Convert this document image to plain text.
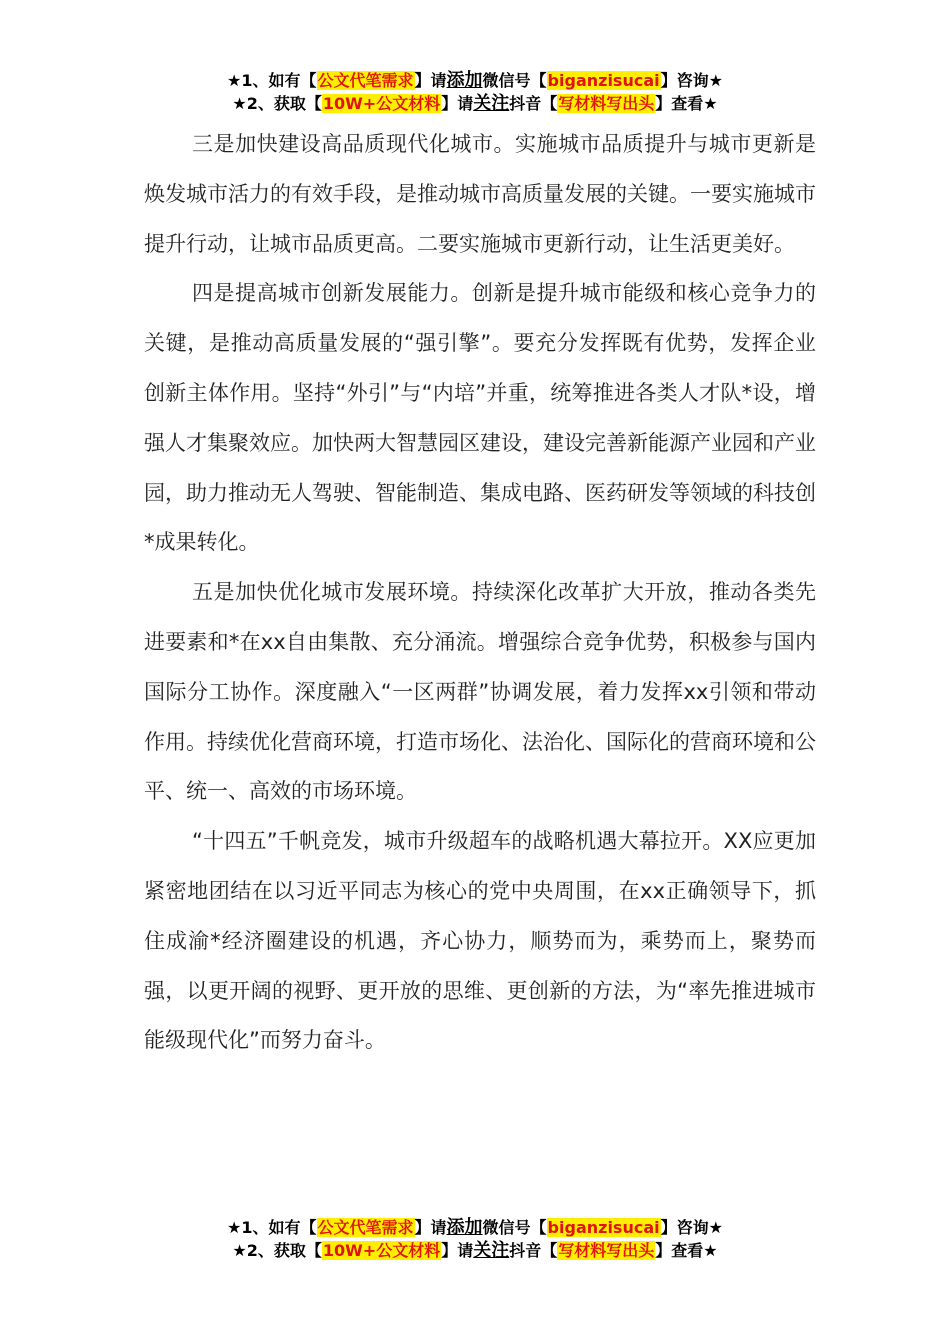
★1、如有【公文代笔需求】请添加微信号【biganzisucai】咨询★
★2、获取【10W+公文材料】请关注抖音【写材料写出头】查看★

三是加快建设高品质现代化城市。实施城市品质提升与城市更新是焕发城市活力的有效手段，是推动城市高质量发展的关键。一要实施城市提升行动，让城市品质更高。二要实施城市更新行动，让生活更美好。

四是提高城市创新发展能力。创新是提升城市能级和核心竞争力的关键，是推动高质量发展的“强引擎”。要充分发挥既有优势，发挥企业创新主体作用。坚持“外引”与“内培”并重，统筹推进各类人才队*设，增强人才集聚效应。加快两大智慧园区建设，建设完善新能源产业园和产业园，助力推动无人驾驶、智能制造、集成电路、医药研发等领域的科技创*成果转化。

五是加快优化城市发展环境。持续深化改革扩大开放，推动各类先进要素和*在xx自由集散、充分涌流。增强综合竞争优势，积极参与国内国际分工协作。深度融入“一区两群”协调发展，着力发挥xx引领和带动作用。持续优化营商环境，打造市场化、法治化、国际化的营商环境和公平、统一、高效的市场环境。

“十四五”千帆竞发，城市升级超车的战略机遇大幕拉开。XX应更加紧密地团结在以习近平同志为核心的党中央周围，在xx正确领导下，抓住成渝*经济圈建设的机遇，齐心协力，顺势而为，乘势而上，聚势而强，以更开阔的视野、更开放的思维、更创新的方法，为“率先推进城市能级现代化”而努力奋斗。

★1、如有【公文代笔需求】请添加微信号【biganzisucai】咨询★
★2、获取【10W+公文材料】请关注抖音【写材料写出头】查看★
